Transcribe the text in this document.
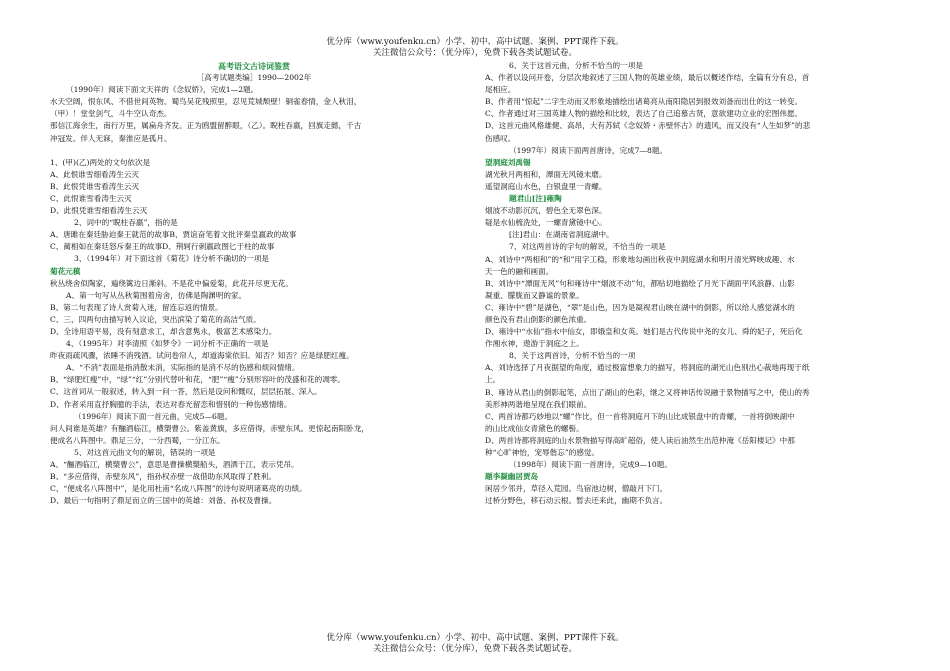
优分库（www.youfenku.cn）小学、初中、高中试题、案例、PPT课件下载。
关注微信公众号：（优分库），免费下载各类试题试卷。

高考语文古诗词鉴赏

［高考试题类编］1990—2002年

（1990年）阅读下面文天祥的《念奴娇》，完成1—2题。

水天空阔，恨东风、不借世间英物。蜀鸟吴花残照里，忍见荒城颓壁！铜雀春情，金人秋泪，

（甲）！堂堂剑气，斗牛空认奇杰。

那信江海余生，南行万里，属扁舟齐发。正为鸥盟留醉眼，（乙）。睨柱吞嬴，回旗走懿，千古

冲冠发。伴人无寐，秦淮应是孤月。

1、(甲)(乙)两处的文句依次是

A、此恨谁雪细看涛生云灭

B、此恨凭谁雪看涛生云灭

C、此恨谁雪看涛生云灭

D、此恨凭谁雪细看涛生云灭

2、词中的“睨柱吞嬴”，指的是

A、唐雎在秦廷胁迫秦王就范的故事B、贾谊奋笔着文批评秦皇嬴政的故事

C、蔺相如在秦廷怒斥秦王的故事D、荆轲行刺嬴政图匕于柱的故事

3、（1994年）对下面这首《菊花》诗分析不确切的一项是

菊花元稹

秋丛绕舍似陶家，遍绕篱边日渐斜。不是花中偏爱菊，此花开尽更无花。

A、第一句写从丛秋菊围着房舍，仿佛是陶渊明的家。

B、第二句表现了诗人赏菊入迷，留连忘返的情景。

C、三、四两句由描写转入议论，突出滨染了菊花的高洁气质。

D、全诗用语平易，没有刻意求工，却含意隽永，极富艺术感染力。

4、（1995年）对李清照《如梦令》一词分析不正确的一项是

昨夜雨疏风骤，浓睡不消残酒。试问卷帘人，却道海棠依旧。知否？知否？应是绿肥红瘦。

A、“不消”表面是指消散未消，实际指的是消不尽的伤感和烦闷情绪。

B、“绿肥红瘦”中，“绿”“红”分别代替叶和花，“肥”“瘦”分别形容叶的茂盛和花的凋零。

C、这首词从一般叙述，转入到一问一答，然后是设问和慨叹，层层拓展、深入。

D、作者采用直抒胸臆的手法，表达对春光留恋和惜别的一种伤感情绪。

（1996年）阅读下面一首元曲，完成5—6题。

问人间谁是英雄？有酾酒临江，横槊曹公。紫盖黄旗，多应借得，赤壁东风。更惊起南阳卧龙，

便成名八阵图中。鼎足三分，一分西蜀，一分江东。

5、对这首元曲文句的解说，错误的一项是

A、“酾酒临江，横槊曹公”，意思是曹操横槊船头，酒洒于江，表示凭吊。

B、“多应借得，赤壁东风”，指孙权赤壁一战借助东风取得了胜利。

C、“便成名八阵图中”，是化用杜甫“名成八阵图”的诗句说明诸葛亮的功绩。

D、最后一句指明了鼎足而立的三国中的英雄：刘备、孙权及曹操。

6、关于这首元曲，分析不恰当的一项是

A、作者以设问开卷，分层次地叙述了三国人物的英雄业绩，最后以概述作结，全篇有分有总，首

尾相应。

B、作者用“惊起”二字生动而又形象地描绘出诸葛亮从南阳隐居到报效刘备而出仕的这一转变。

C、作者通过对三国英雄人物的描绘和比较，表达了自己追慕古贤，意欲建功立业的宏图伟愿。

D、这首元曲风格雄健、高昂，大有苏轼《念奴娇・赤壁怀古》的遗风，而又没有“人生如梦”的悲

伤感叹。

（1997年）阅读下面两首唐诗，完成7—8题。

望洞庭刘禹锡

湖光秋月两相和，潭面无风镜未磨。

遥望洞庭山水色，白银盘里一青螺。

题君山[注]雍陶

烟波不动影沉沉，碧色全无翠色深。

疑是水仙梳洗处，一螺青黛镜中心。

[注]君山：在湖南省洞庭湖中。

7、对这两首诗的字句的解说，不恰当的一项是

A、刘诗中“两相和”的“和”用字工稳，形象地勾画出秋夜中洞庭湖水和明月清光辉映成趣、水

天一色的融和画面。

B、刘诗中“潭面无风”句和雍诗中“烟波不动”句，都贴切地描绘了月光下湖面平风浪静、山影

凝重、朦胧而又静谧的景象。

C、雍诗中“碧”是湖色，“翠”是山色，因为是凝视君山映在湖中的倒影，所以给人感觉湖水的

颜色没有君山倒影的颜色浓重。

D、雍诗中“水仙”指水中仙女，即娥皇和女英。她们是古代传说中尧的女儿、舜的妃子，死后化

作湘水神，遨游于洞庭之上。

8、关于这两首诗，分析不恰当的一项

A、刘诗选择了月夜据望的角度，通过极富想象力的描写，将洞庭的湖光山色别出心裁地再现于纸

上。

B、雍诗从君山的倒影起笔，点出了湖山的色彩，继之又将神话传说融于景物描写之中，使山的秀

美形神两谐地呈现在我们眼前。

C、两首诗都巧妙地以“螺”作比，但一首将洞庭月下的山比成银盘中的青螺，一首将倒映湖中

的山比成仙女青黛色的螺髻。

D、两首诗都将洞庭的山水景物描写得高旷超俗，使人读后油然生出范仲淹《岳阳楼记》中那

种“心旷神怡，宠辱偕忘”的感觉。

（1998年）阅读下面一首唐诗，完成9—10题。

题李凝幽居贾岛

闲居少邻并，草径入荒园。鸟宿池边树，僧敲月下门。

过桥分野色，移石动云根。暂去还来此，幽期不负言。

优分库（www.youfenku.cn）小学、初中、高中试题、案例、PPT课件下载。
关注微信公众号：（优分库），免费下载各类试题试卷。
